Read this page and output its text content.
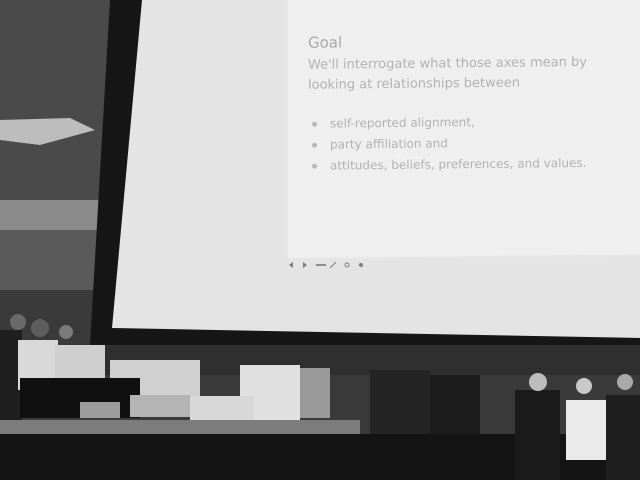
Goal
We'll interrogate what those axes mean by looking at relationships between
self-reported alignment,
party affiliation and
attitudes, beliefs, preferences, and values.
